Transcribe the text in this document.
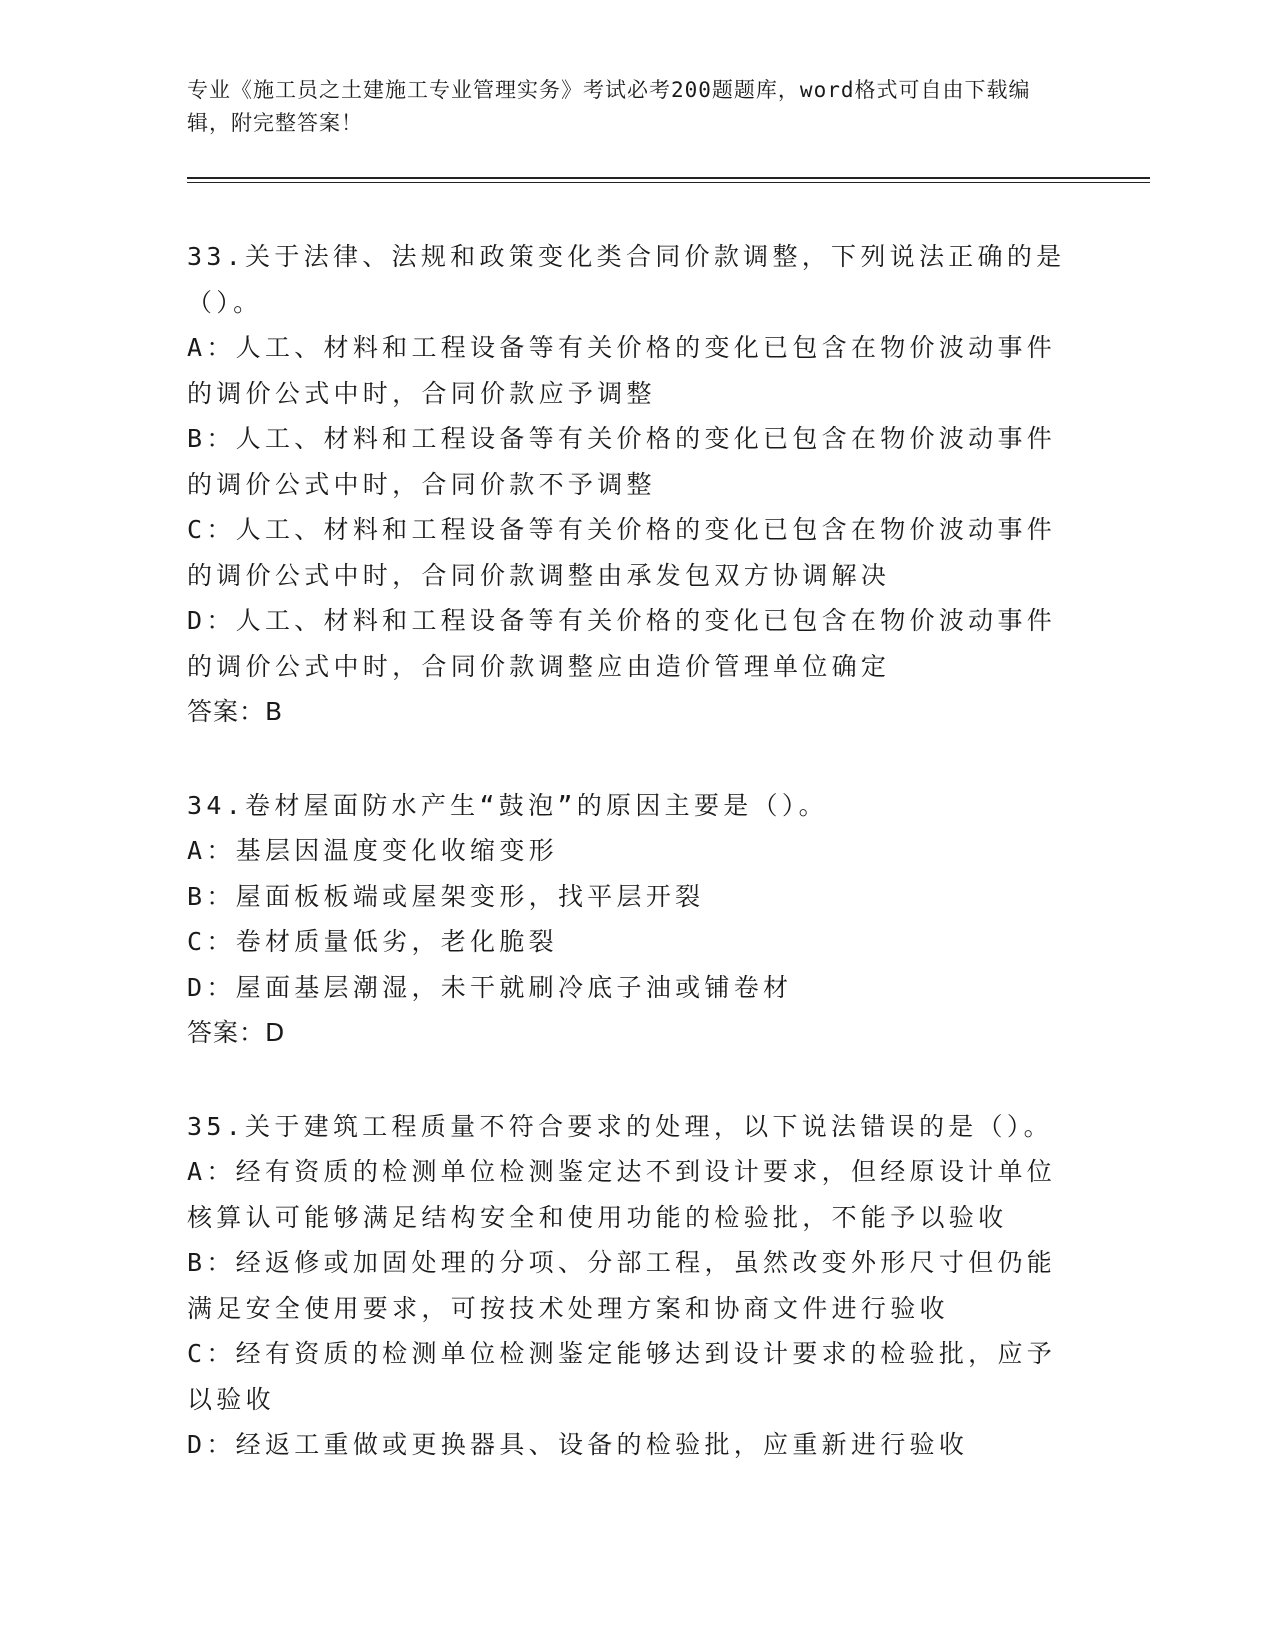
专业《施工员之土建施工专业管理实务》考试必考200题题库，word格式可自由下载编辑，附完整答案！
33.关于法律、法规和政策变化类合同价款调整，下列说法正确的是（）。
A：人工、材料和工程设备等有关价格的变化已包含在物价波动事件的调价公式中时，合同价款应予调整
B：人工、材料和工程设备等有关价格的变化已包含在物价波动事件的调价公式中时，合同价款不予调整
C：人工、材料和工程设备等有关价格的变化已包含在物价波动事件的调价公式中时，合同价款调整由承发包双方协调解决
D：人工、材料和工程设备等有关价格的变化已包含在物价波动事件的调价公式中时，合同价款调整应由造价管理单位确定
答案：B
34.卷材屋面防水产生“鼓泡”的原因主要是（）。
A：基层因温度变化收缩变形
B：屋面板板端或屋架变形，找平层开裂
C：卷材质量低劣，老化脆裂
D：屋面基层潮湿，未干就刷冷底子油或铺卷材
答案：D
35.关于建筑工程质量不符合要求的处理，以下说法错误的是（）。
A：经有资质的检测单位检测鉴定达不到设计要求，但经原设计单位核算认可能够满足结构安全和使用功能的检验批，不能予以验收
B：经返修或加固处理的分项、分部工程，虽然改变外形尺寸但仍能满足安全使用要求，可按技术处理方案和协商文件进行验收
C：经有资质的检测单位检测鉴定能够达到设计要求的检验批，应予以验收
D：经返工重做或更换器具、设备的检验批，应重新进行验收
